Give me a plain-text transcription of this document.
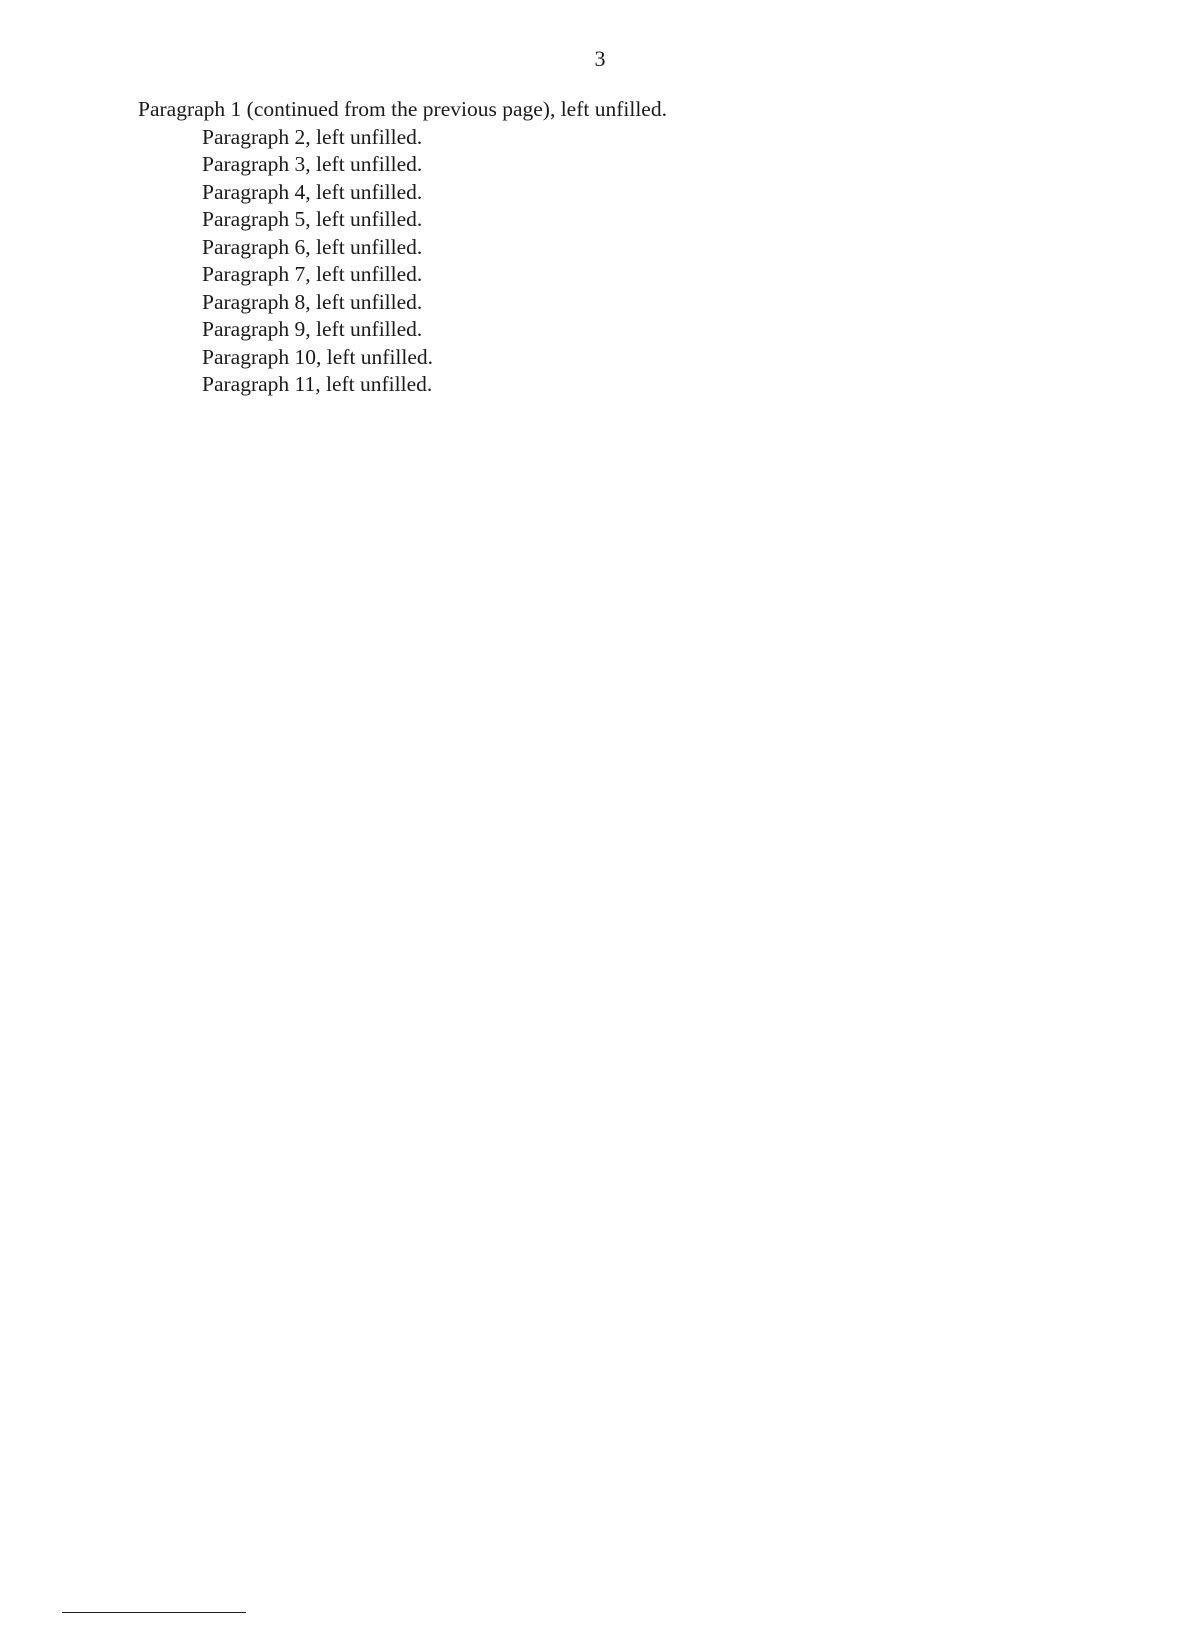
3

Paragraph 1 (continued from the previous page), left unfilled.

Paragraph 2, left unfilled.

Paragraph 3, left unfilled.

Paragraph 4, left unfilled.

Paragraph 5, left unfilled.

Paragraph 6, left unfilled.

Paragraph 7, left unfilled.

Paragraph 8, left unfilled.

Paragraph 9, left unfilled.

Paragraph 10, left unfilled.

Paragraph 11, left unfilled.
